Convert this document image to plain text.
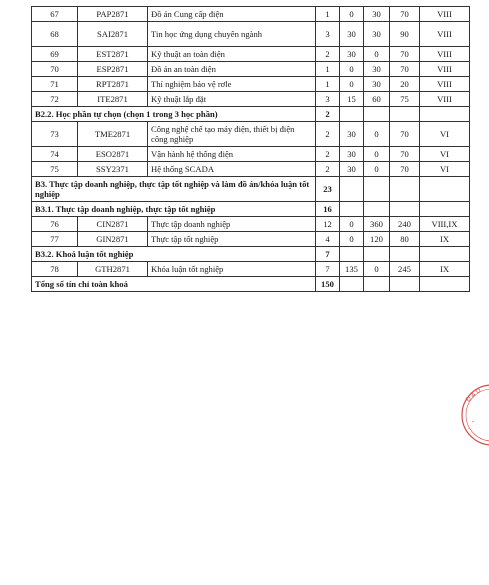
67	PAP2871	Đồ án Cung cấp điện	1	0	30	70	VIII
68	SAI2871	Tin học ứng dụng chuyên ngành	3	30	30	90	VIII
69	EST2871	Kỹ thuật an toàn điện	2	30	0	70	VIII
70	ESP2871	Đồ án an toàn điện	1	0	30	70	VIII
71	RPT2871	Thí nghiệm bảo vệ rơle	1	0	30	20	VIII
72	ITE2871	Kỹ thuật lắp đặt	3	15	60	75	VIII
B2.2. Học phần tự chọn (chọn 1 trong 3 học phần)			2				
73	TME2871	Công nghệ chế tạo máy điện, thiết bị điện công nghiệp	2	30	0	70	VI
74	ESO2871	Vận hành hệ thống điện	2	30	0	70	VI
75	SSY2371	Hệ thống SCADA	2	30	0	70	VI
B3. Thực tập doanh nghiệp, thực tập tốt nghiệp và làm đồ án/khóa luận tốt nghiệp			23				
B3.1. Thực tập doanh nghiệp, thực tập tốt nghiệp			16				
76	CIN2871	Thực tập doanh nghiệp	12	0	360	240	VIII,IX
77	GIN2871	Thực tập tốt nghiệp	4	0	120	80	IX
B3.2. Khoá luận tốt nghiệp			7				
78	GTH2871	Khóa luận tốt nghiệp	7	135	0	245	IX
Tổng số tín chỉ toàn khoá			150				
Đ À O
*
· ·
